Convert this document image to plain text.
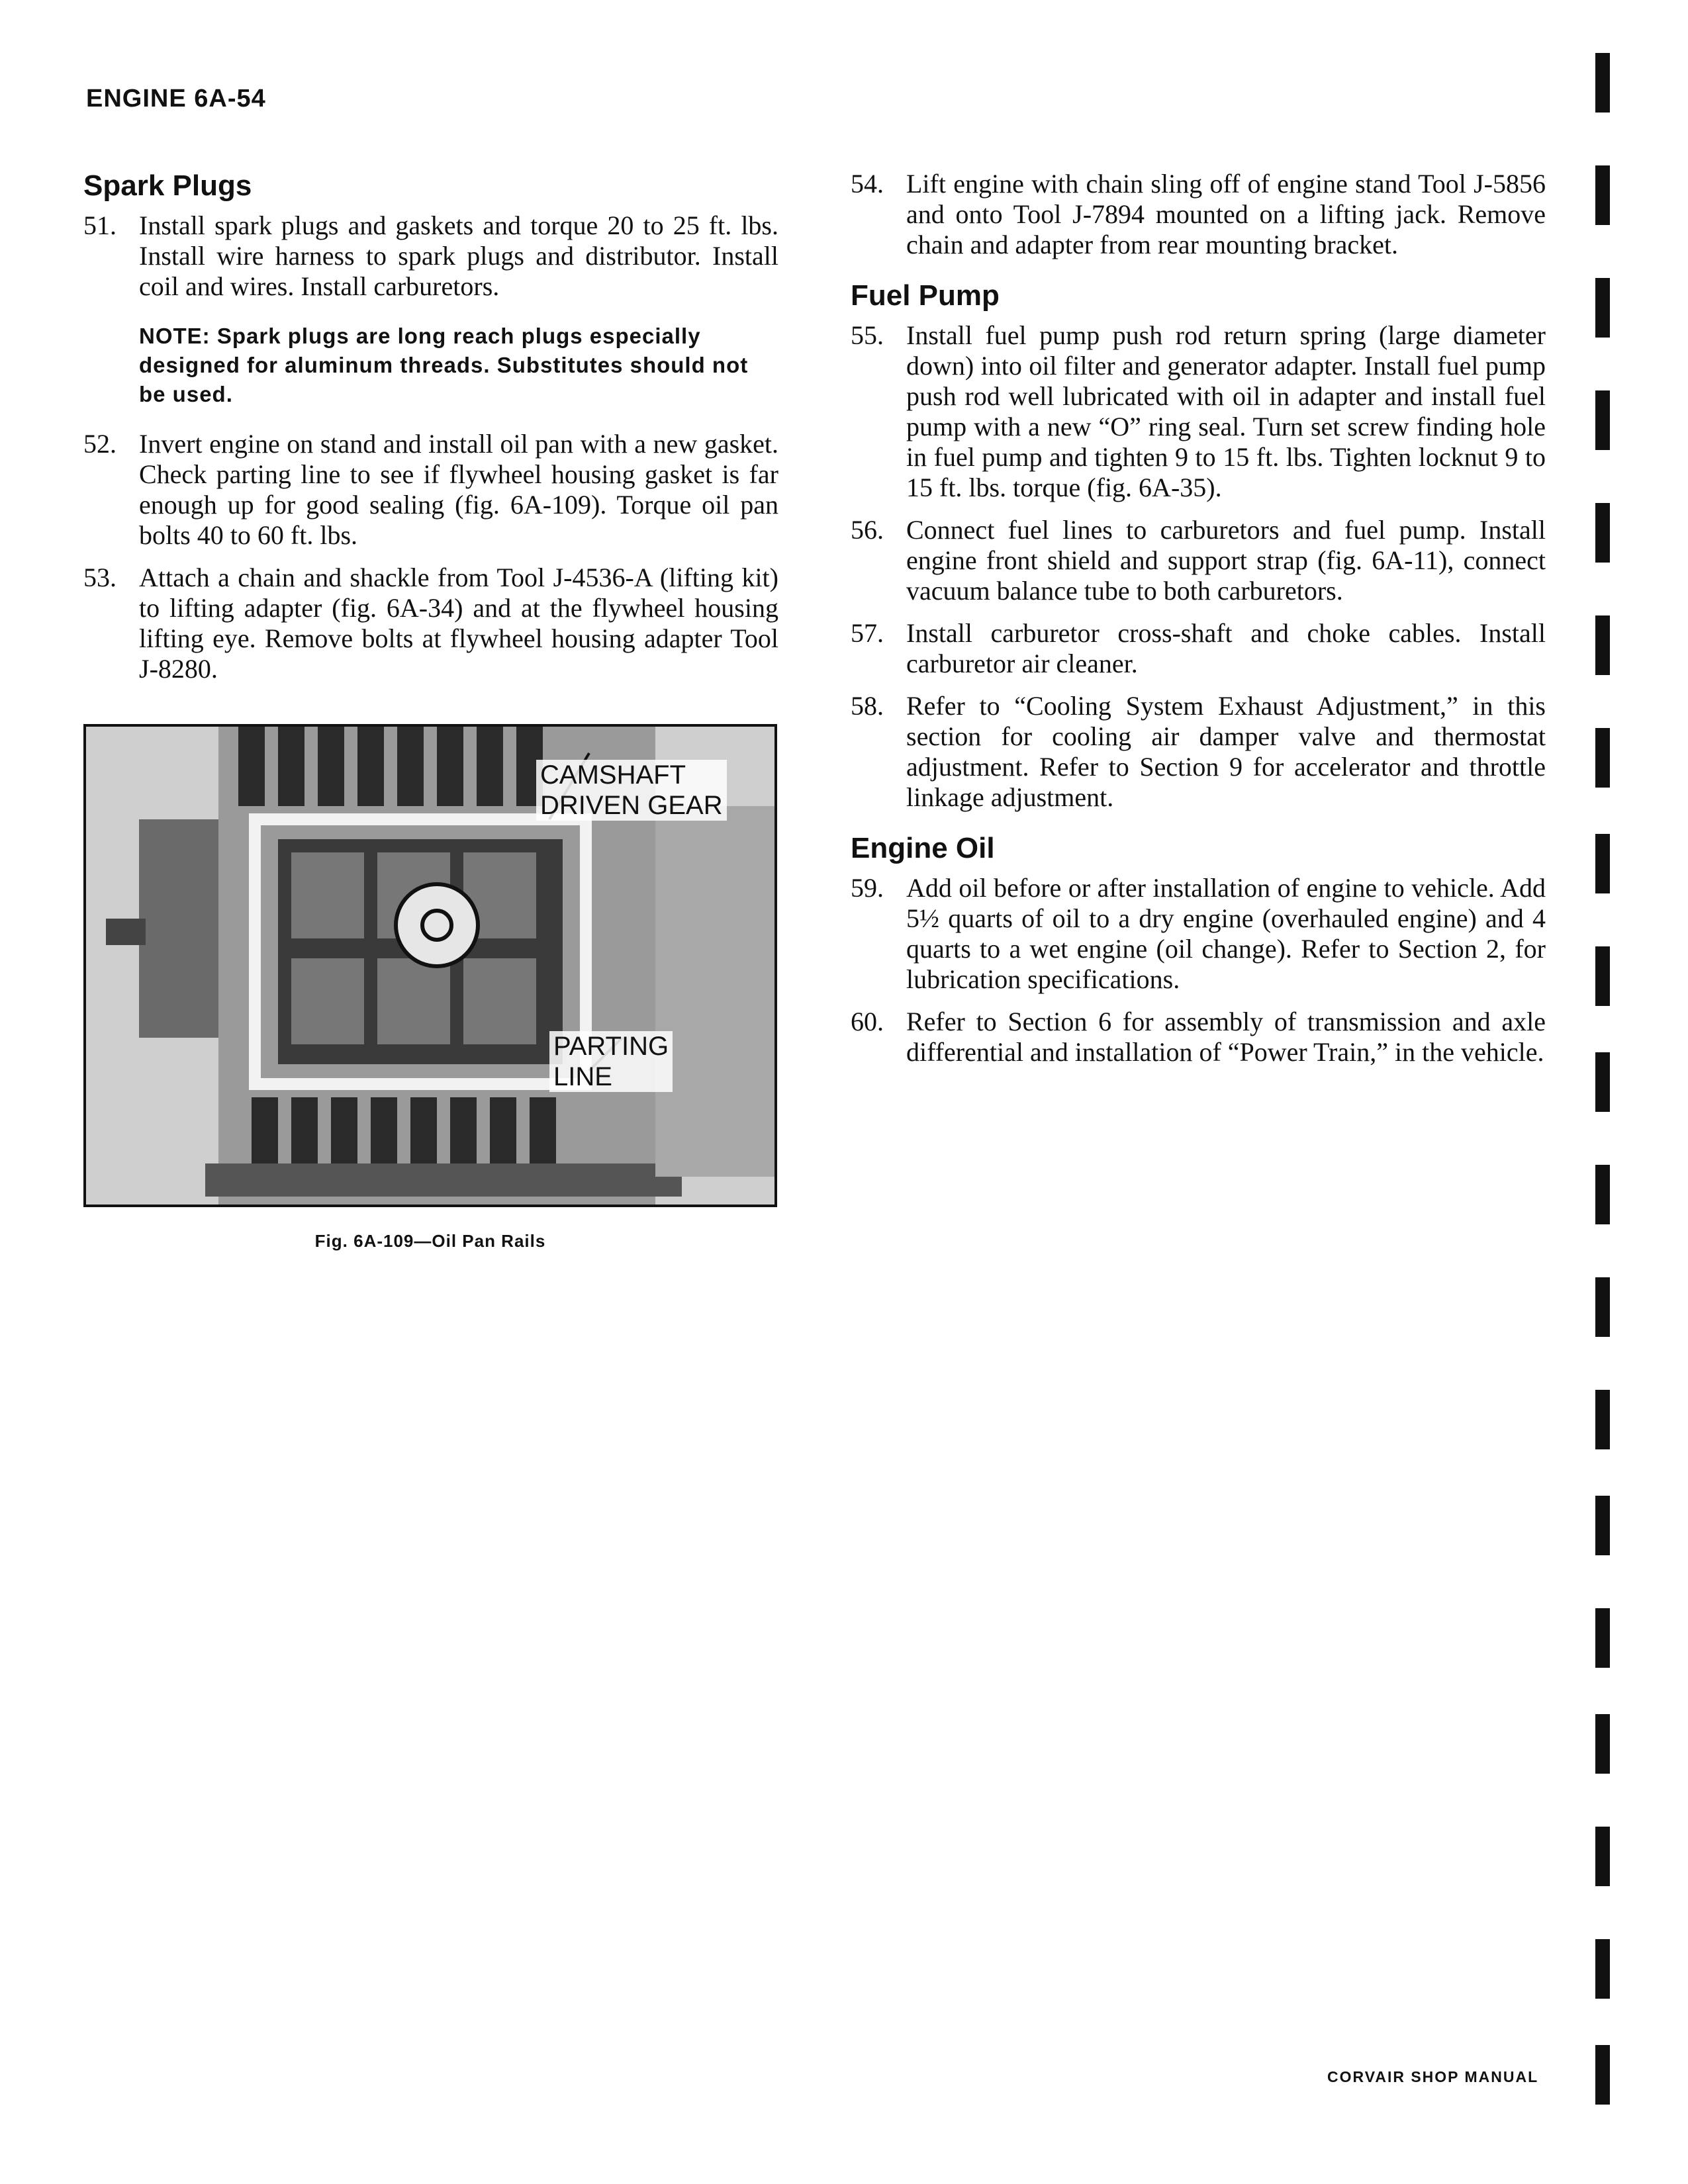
ENGINE 6A-54
Spark Plugs
51. Install spark plugs and gaskets and torque 20 to 25 ft. lbs. Install wire harness to spark plugs and distributor. Install coil and wires. Install carburetors.
NOTE: Spark plugs are long reach plugs especially designed for aluminum threads. Substitutes should not be used.
52. Invert engine on stand and install oil pan with a new gasket. Check parting line to see if flywheel housing gasket is far enough up for good sealing (fig. 6A-109). Torque oil pan bolts 40 to 60 ft. lbs.
53. Attach a chain and shackle from Tool J-4536-A (lifting kit) to lifting adapter (fig. 6A-34) and at the flywheel housing lifting eye. Remove bolts at flywheel housing adapter Tool J-8280.
CAMSHAFT
DRIVEN GEAR
PARTING
LINE
Fig. 6A-109—Oil Pan Rails
54. Lift engine with chain sling off of engine stand Tool J-5856 and onto Tool J-7894 mounted on a lifting jack. Remove chain and adapter from rear mounting bracket.
Fuel Pump
55. Install fuel pump push rod return spring (large diameter down) into oil filter and generator adapter. Install fuel pump push rod well lubricated with oil in adapter and install fuel pump with a new “O” ring seal. Turn set screw finding hole in fuel pump and tighten 9 to 15 ft. lbs. Tighten locknut 9 to 15 ft. lbs. torque (fig. 6A-35).
56. Connect fuel lines to carburetors and fuel pump. Install engine front shield and support strap (fig. 6A-11), connect vacuum balance tube to both carburetors.
57. Install carburetor cross-shaft and choke cables. Install carburetor air cleaner.
58. Refer to “Cooling System Exhaust Adjustment,” in this section for cooling air damper valve and thermostat adjustment. Refer to Section 9 for accelerator and throttle linkage adjustment.
Engine Oil
59. Add oil before or after installation of engine to vehicle. Add 5½ quarts of oil to a dry engine (overhauled engine) and 4 quarts to a wet engine (oil change). Refer to Section 2, for lubrication specifications.
60. Refer to Section 6 for assembly of transmission and axle differential and installation of “Power Train,” in the vehicle.
CORVAIR SHOP MANUAL
